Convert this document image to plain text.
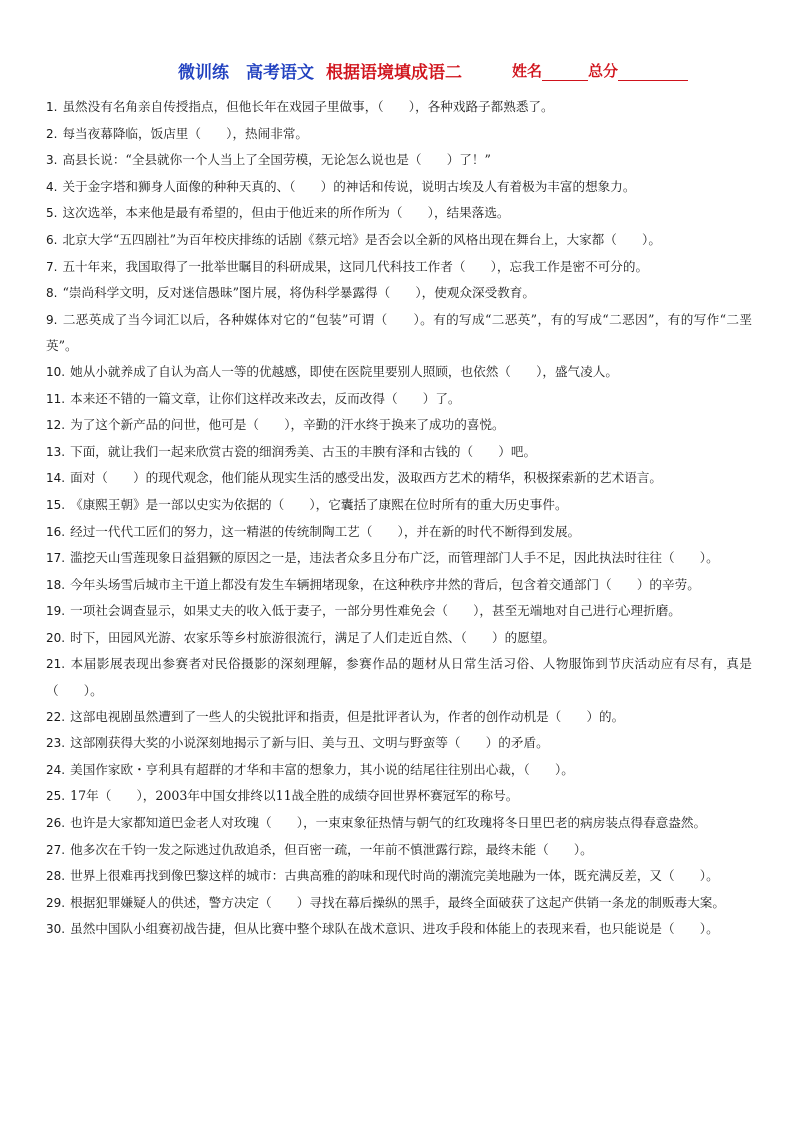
微训练　高考语文 根据语境填成语二	姓名	总分
1. 虽然没有名角亲自传授指点，但他长年在戏园子里做事，（　　），各种戏路子都熟悉了。
2. 每当夜幕降临，饭店里（　　），热闹非常。
3. 高县长说：“全县就你一个人当上了全国劳模，无论怎么说也是（　　）了！”
4. 关于金字塔和狮身人面像的种种天真的、（　　）的神话和传说，说明古埃及人有着极为丰富的想象力。
5. 这次选举，本来他是最有希望的，但由于他近来的所作所为（　　），结果落选。
6. 北京大学“五四剧社”为百年校庆排练的话剧《蔡元培》是否会以全新的风格出现在舞台上，大家都（　　）。
7. 五十年来，我国取得了一批举世瞩目的科研成果，这同几代科技工作者（　　），忘我工作是密不可分的。
8. “崇尚科学文明，反对迷信愚昧”图片展，将伪科学暴露得（　　），使观众深受教育。
9. 二恶英成了当今词汇以后，各种媒体对它的“包装”可谓（　　）。有的写成“二恶英”，有的写成“二恶因”，有的写作“二垩英”。
10. 她从小就养成了自认为高人一等的优越感，即使在医院里要别人照顾，也依然（　　），盛气凌人。
11. 本来还不错的一篇文章，让你们这样改来改去，反而改得（　　）了。
12. 为了这个新产品的问世，他可是（　　），辛勤的汗水终于换来了成功的喜悦。
13. 下面，就让我们一起来欣赏古瓷的细润秀美、古玉的丰腴有泽和古钱的（　　）吧。
14. 面对（　　）的现代观念，他们能从现实生活的感受出发，汲取西方艺术的精华，积极探索新的艺术语言。
15. 《康熙王朝》是一部以史实为依据的（　　），它囊括了康熙在位时所有的重大历史事件。
16. 经过一代代工匠们的努力，这一精湛的传统制陶工艺（　　），并在新的时代不断得到发展。
17. 滥挖天山雪莲现象日益猖獗的原因之一是，违法者众多且分布广泛，而管理部门人手不足，因此执法时往往（　　）。
18. 今年头场雪后城市主干道上都没有发生车辆拥堵现象，在这种秩序井然的背后，包含着交通部门（　　）的辛劳。
19. 一项社会调查显示，如果丈夫的收入低于妻子，一部分男性难免会（　　），甚至无端地对自己进行心理折磨。
20. 时下，田园风光游、农家乐等乡村旅游很流行，满足了人们走近自然、（　　）的愿望。
21. 本届影展表现出参赛者对民俗摄影的深刻理解，参赛作品的题材从日常生活习俗、人物服饰到节庆活动应有尽有，真是（　　）。
22. 这部电视剧虽然遭到了一些人的尖锐批评和指责，但是批评者认为，作者的创作动机是（　　）的。
23. 这部刚获得大奖的小说深刻地揭示了新与旧、美与丑、文明与野蛮等（　　）的矛盾。
24. 美国作家欧・亨利具有超群的才华和丰富的想象力，其小说的结尾往往别出心裁，（　　）。
25. 17年（　　），2003年中国女排终以11战全胜的成绩夺回世界杯赛冠军的称号。
26. 也许是大家都知道巴金老人对玫瑰（　　），一束束象征热情与朝气的红玫瑰将冬日里巴老的病房装点得春意盎然。
27. 他多次在千钧一发之际逃过仇敌追杀，但百密一疏，一年前不慎泄露行踪，最终未能（　　）。
28. 世界上很难再找到像巴黎这样的城市：古典高雅的韵味和现代时尚的潮流完美地融为一体，既充满反差，又（　　）。
29. 根据犯罪嫌疑人的供述，警方决定（　　）寻找在幕后操纵的黑手，最终全面破获了这起产供销一条龙的制贩毒大案。
30. 虽然中国队小组赛初战告捷，但从比赛中整个球队在战术意识、进攻手段和体能上的表现来看，也只能说是（　　）。
